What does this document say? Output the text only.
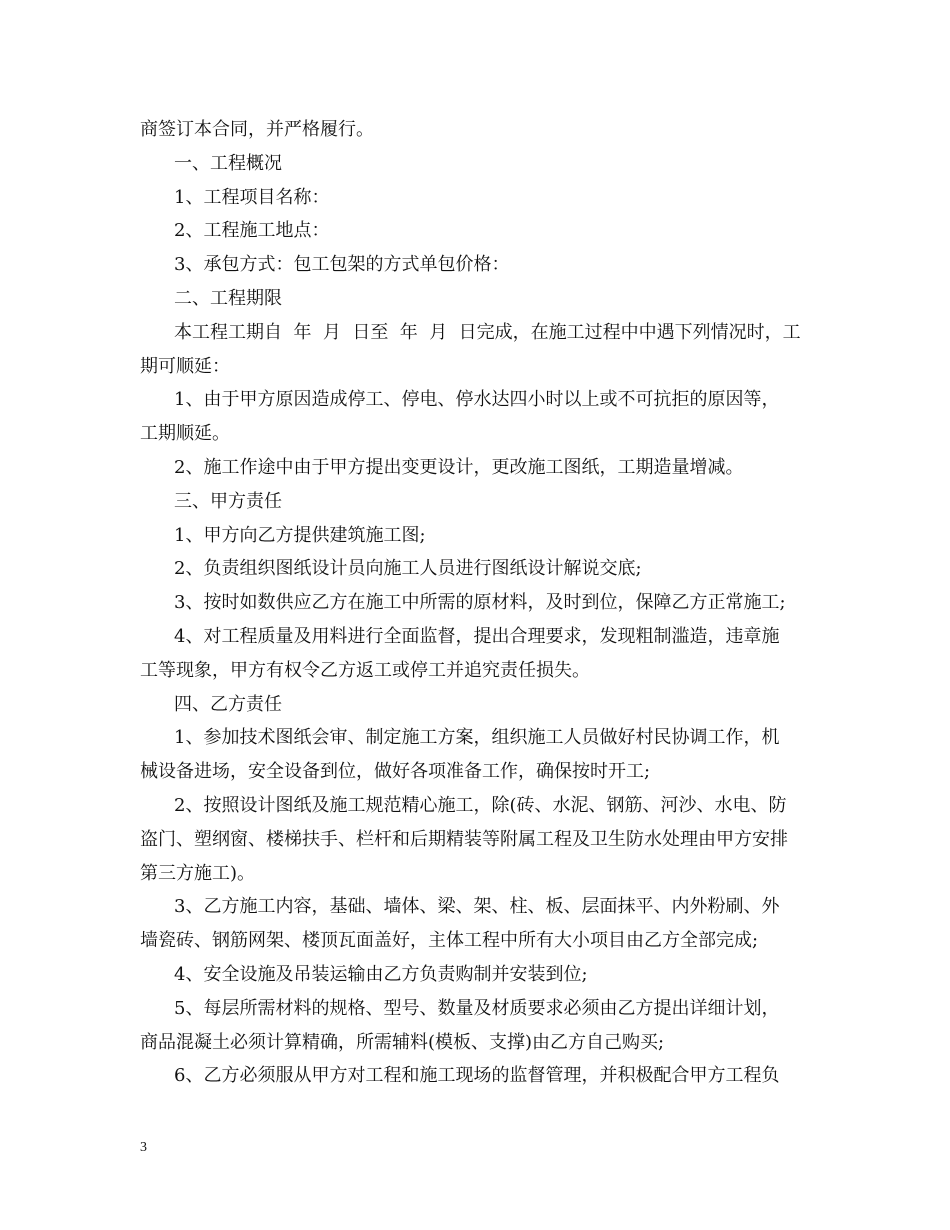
商签订本合同，并严格履行。
一、工程概况
1、工程项目名称：
2、工程施工地点：
3、承包方式：包工包架的方式单包价格：
二、工程期限
本工程工期自  年  月  日至  年  月  日完成，在施工过程中中遇下列情况时，工
期可顺延：
1、由于甲方原因造成停工、停电、停水达四小时以上或不可抗拒的原因等，
工期顺延。
2、施工作途中由于甲方提出变更设计，更改施工图纸，工期造量增减。
三、甲方责任
1、甲方向乙方提供建筑施工图;
2、负责组织图纸设计员向施工人员进行图纸设计解说交底;
3、按时如数供应乙方在施工中所需的原材料，及时到位，保障乙方正常施工;
4、对工程质量及用料进行全面监督，提出合理要求，发现粗制滥造，违章施
工等现象，甲方有权令乙方返工或停工并追究责任损失。
四、乙方责任
1、参加技术图纸会审、制定施工方案，组织施工人员做好村民协调工作，机
械设备进场，安全设备到位，做好各项准备工作，确保按时开工;
2、按照设计图纸及施工规范精心施工，除(砖、水泥、钢筋、河沙、水电、防
盗门、塑纲窗、楼梯扶手、栏杆和后期精装等附属工程及卫生防水处理由甲方安排
第三方施工)。
3、乙方施工内容，基础、墙体、梁、架、柱、板、层面抹平、内外粉刷、外
墙瓷砖、钢筋网架、楼顶瓦面盖好，主体工程中所有大小项目由乙方全部完成;
4、安全设施及吊装运输由乙方负责购制并安装到位;
5、每层所需材料的规格、型号、数量及材质要求必须由乙方提出详细计划，
商品混凝土必须计算精确，所需辅料(模板、支撑)由乙方自己购买;
6、乙方必须服从甲方对工程和施工现场的监督管理，并积极配合甲方工程负
3
